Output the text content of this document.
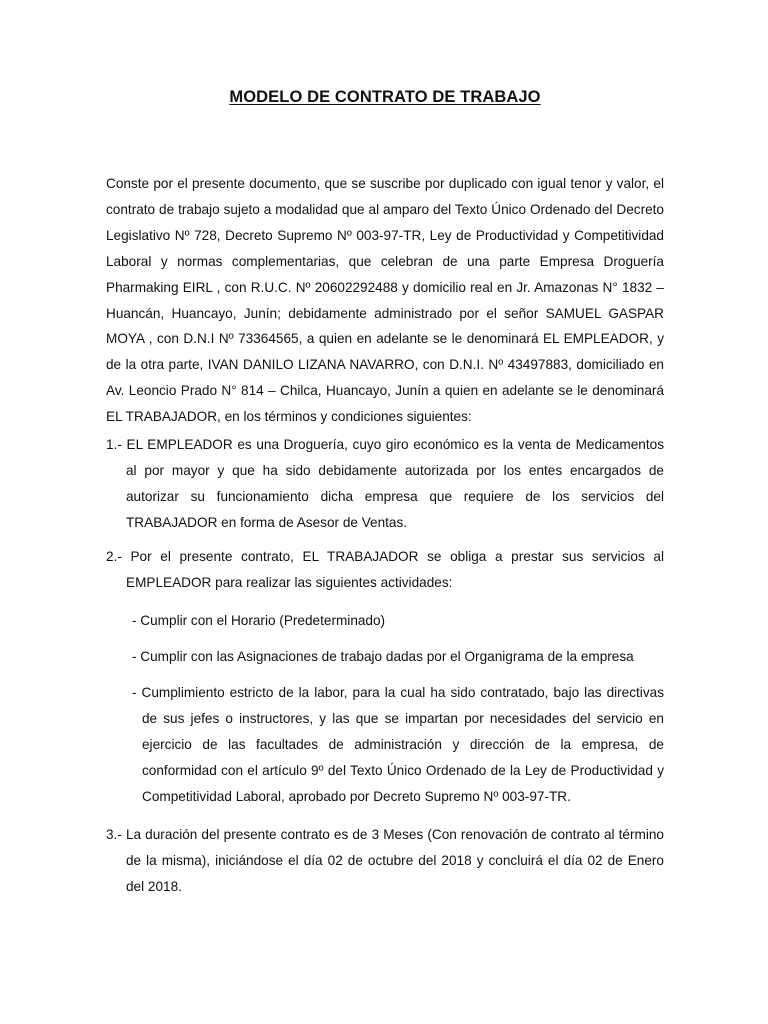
MODELO DE CONTRATO DE TRABAJO

Conste por el presente documento, que se suscribe por duplicado con igual tenor y valor, el contrato de trabajo sujeto a modalidad que al amparo del Texto Único Ordenado del Decreto Legislativo Nº 728, Decreto Supremo Nº 003-97-TR, Ley de Productividad y Competitividad Laboral y normas complementarias, que celebran de una parte Empresa Droguería Pharmaking EIRL , con R.U.C. Nº 20602292488 y domicilio real en Jr. Amazonas N° 1832 – Huancán, Huancayo, Junín; debidamente administrado por el señor SAMUEL GASPAR MOYA , con D.N.I Nº 73364565, a quien en adelante se le denominará EL EMPLEADOR, y de la otra parte, IVAN DANILO LIZANA NAVARRO, con D.N.I. Nº 43497883, domiciliado en Av. Leoncio Prado N° 814 – Chilca, Huancayo, Junín a quien en adelante se le denominará EL TRABAJADOR, en los términos y condiciones siguientes:

1.- EL EMPLEADOR es una Droguería, cuyo giro económico es la venta de Medicamentos al por mayor y que ha sido debidamente autorizada por los entes encargados de autorizar su funcionamiento dicha empresa que requiere de los servicios del TRABAJADOR en forma de Asesor de Ventas.

2.- Por el presente contrato, EL TRABAJADOR se obliga a prestar sus servicios al EMPLEADOR para realizar las siguientes actividades:

- Cumplir con el Horario (Predeterminado)

- Cumplir con las Asignaciones de trabajo dadas por el Organigrama de la empresa

- Cumplimiento estricto de la labor, para la cual ha sido contratado, bajo las directivas de sus jefes o instructores, y las que se impartan por necesidades del servicio en ejercicio de las facultades de administración y dirección de la empresa, de conformidad con el artículo 9º del Texto Único Ordenado de la Ley de Productividad y Competitividad Laboral, aprobado por Decreto Supremo Nº 003-97-TR.

3.- La duración del presente contrato es de 3 Meses (Con renovación de contrato al término de la misma), iniciándose el día 02 de octubre del 2018 y concluirá el día 02 de Enero del 2018.
